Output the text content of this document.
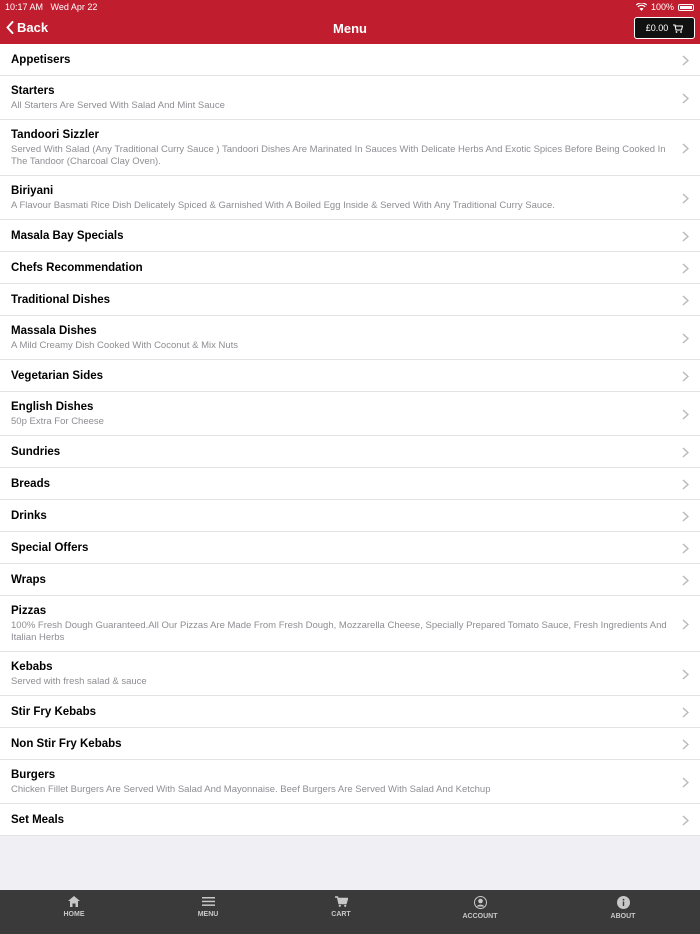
10:17 AM Wed Apr 22	100%
Back	Menu	£0.00
Appetisers
Starters
All Starters Are Served With Salad And Mint Sauce
Tandoori Sizzler
Served With Salad (Any Traditional Curry Sauce ) Tandoori Dishes Are Marinated In Sauces With Delicate Herbs And Exotic Spices Before Being Cooked In The Tandoor (Charcoal Clay Oven).
Biriyani
A Flavour Basmati Rice Dish Delicately Spiced & Garnished With A Boiled Egg Inside & Served With Any Traditional Curry Sauce.
Masala Bay Specials
Chefs Recommendation
Traditional Dishes
Massala Dishes
A Mild Creamy Dish Cooked With Coconut & Mix Nuts
Vegetarian Sides
English Dishes
50p Extra For Cheese
Sundries
Breads
Drinks
Special Offers
Wraps
Pizzas
100% Fresh Dough Guaranteed.All Our Pizzas Are Made From Fresh Dough, Mozzarella Cheese, Specially Prepared Tomato Sauce, Fresh Ingredients And Italian Herbs
Kebabs
Served with fresh salad & sauce
Stir Fry Kebabs
Non Stir Fry Kebabs
Burgers
Chicken Fillet Burgers Are Served With Salad And Mayonnaise. Beef Burgers Are Served With Salad And Ketchup
Set Meals
HOME	MENU	CART	ACCOUNT	ABOUT
